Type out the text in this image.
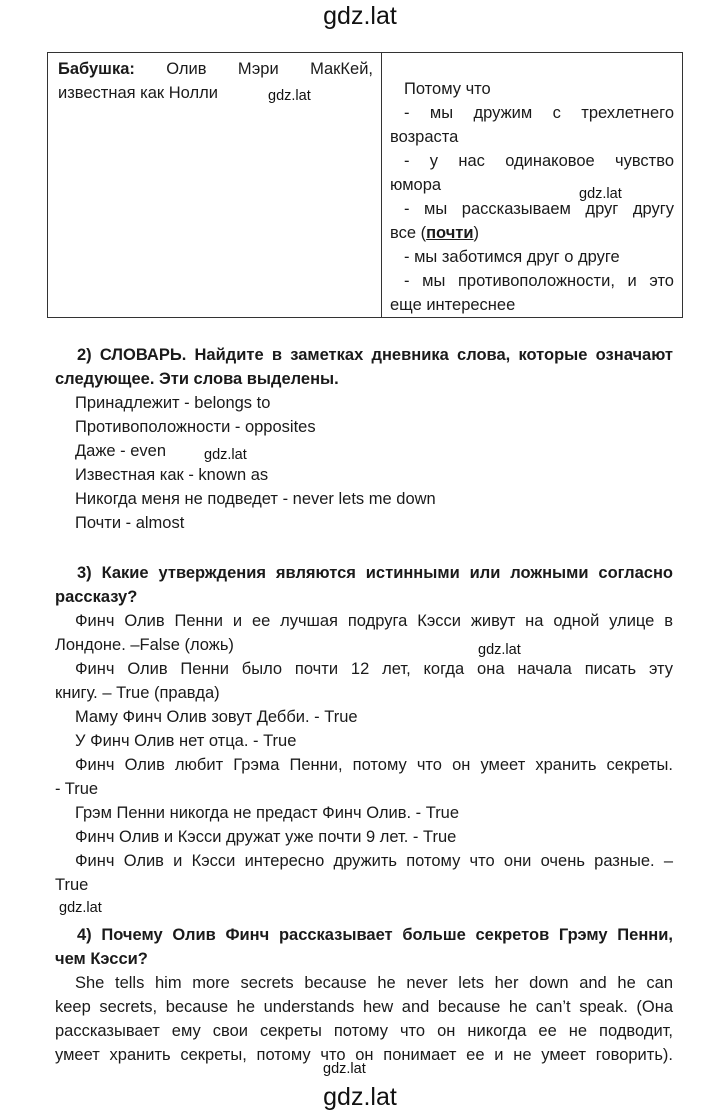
gdz.lat
Бабушка: Олив Мэри МакКей,
известная как Нолли	Потому что
- мы дружим с трехлетнего
возраста
- у нас одинаковое чувство
юмора
- мы рассказываем друг другу
все (почти)
- мы заботимся друг о друге
- мы противоположности, и это
еще интереснее
gdz.lat
gdz.lat

2) СЛОВАРЬ. Найдите в заметках дневника слова, которые означают

следующее. Эти слова выделены.

Принадлежит - belongs to

Противоположности - opposites

Даже - even

Известная как - known as

Никогда меня не подведет - never lets me down

Почти - almost

gdz.lat

3) Какие утверждения являются истинными или ложными согласно

рассказу?

Финч Олив Пенни и ее лучшая подруга Кэсси живут на одной улице в

Лондоне. –False (ложь)

Финч Олив Пенни было почти 12 лет, когда она начала писать эту

книгу. – True (правда)

Маму Финч Олив зовут Дебби. - True

У Финч Олив нет отца. - True

Финч Олив любит Грэма Пенни, потому что он умеет хранить секреты.

- True

Грэм Пенни никогда не предаст Финч Олив. - True

Финч Олив и Кэсси дружат уже почти 9 лет. - True

Финч Олив и Кэсси интересно дружить потому что они очень разные. –

True

gdz.lat
gdz.lat

4) Почему Олив Финч рассказывает больше секретов Грэму Пенни,

чем Кэсси?

She tells him more secrets because he never lets her down and he can

keep secrets, because he understands hew and because he can’t speak. (Она

рассказывает ему свои секреты потому что он никогда ее не подводит,

умеет хранить секреты, потому что он понимает ее и не умеет говорить).

gdz.lat
gdz.lat
